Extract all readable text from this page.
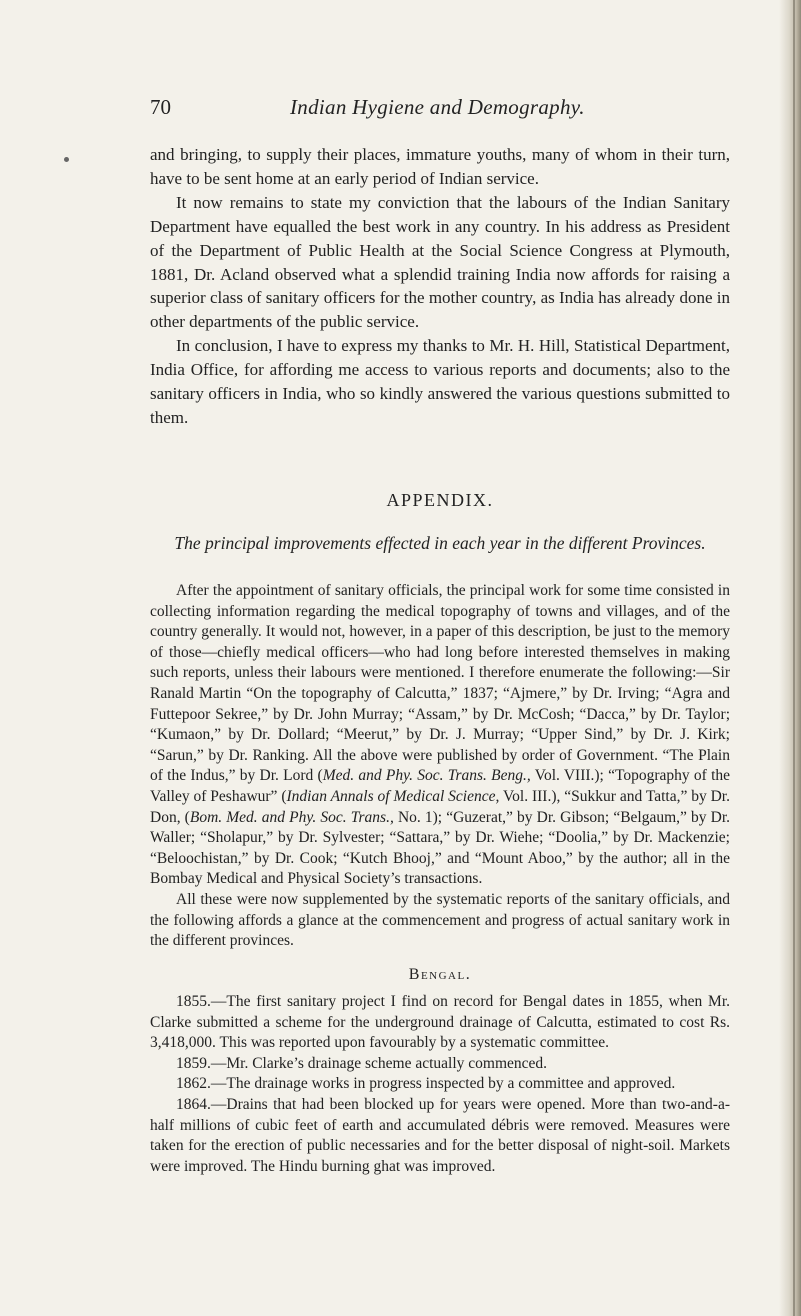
70	Indian Hygiene and Demography.

and bringing, to supply their places, immature youths, many of whom in their turn, have to be sent home at an early period of Indian service.

It now remains to state my conviction that the labours of the Indian Sanitary Department have equalled the best work in any country. In his address as President of the Department of Public Health at the Social Science Congress at Plymouth, 1881, Dr. Acland observed what a splendid training India now affords for raising a superior class of sanitary officers for the mother country, as India has already done in other departments of the public service.

In conclusion, I have to express my thanks to Mr. H. Hill, Statistical Department, India Office, for affording me access to various reports and documents; also to the sanitary officers in India, who so kindly answered the various questions submitted to them.

APPENDIX.
The principal improvements effected in each year in the different Provinces.

After the appointment of sanitary officials, the principal work for some time consisted in collecting information regarding the medical topography of towns and villages, and of the country generally. It would not, however, in a paper of this description, be just to the memory of those—chiefly medical officers—who had long before interested themselves in making such reports, unless their labours were mentioned. I therefore enumerate the following:—Sir Ranald Martin “On the topography of Calcutta,” 1837; “Ajmere,” by Dr. Irving; “Agra and Futtepoor Sekree,” by Dr. John Murray; “Assam,” by Dr. McCosh; “Dacca,” by Dr. Taylor; “Kumaon,” by Dr. Dollard; “Meerut,” by Dr. J. Murray; “Upper Sind,” by Dr. J. Kirk; “Sarun,” by Dr. Ranking. All the above were published by order of Government. “The Plain of the Indus,” by Dr. Lord (Med. and Phy. Soc. Trans. Beng., Vol. VIII.); “Topography of the Valley of Peshawur” (Indian Annals of Medical Science, Vol. III.), “Sukkur and Tatta,” by Dr. Don, (Bom. Med. and Phy. Soc. Trans., No. 1); “Guzerat,” by Dr. Gibson; “Belgaum,” by Dr. Waller; “Sholapur,” by Dr. Sylvester; “Sattara,” by Dr. Wiehe; “Doolia,” by Dr. Mackenzie; “Beloochistan,” by Dr. Cook; “Kutch Bhooj,” and “Mount Aboo,” by the author; all in the Bombay Medical and Physical Society’s transactions.

All these were now supplemented by the systematic reports of the sanitary officials, and the following affords a glance at the commencement and progress of actual sanitary work in the different provinces.

Bengal.

1855.—The first sanitary project I find on record for Bengal dates in 1855, when Mr. Clarke submitted a scheme for the underground drainage of Calcutta, estimated to cost Rs. 3,418,000. This was reported upon favourably by a systematic committee.

1859.—Mr. Clarke’s drainage scheme actually commenced.

1862.—The drainage works in progress inspected by a committee and approved.

1864.—Drains that had been blocked up for years were opened. More than two-and-a-half millions of cubic feet of earth and accumulated débris were removed. Measures were taken for the erection of public necessaries and for the better disposal of night-soil. Markets were improved. The Hindu burning ghat was improved.
